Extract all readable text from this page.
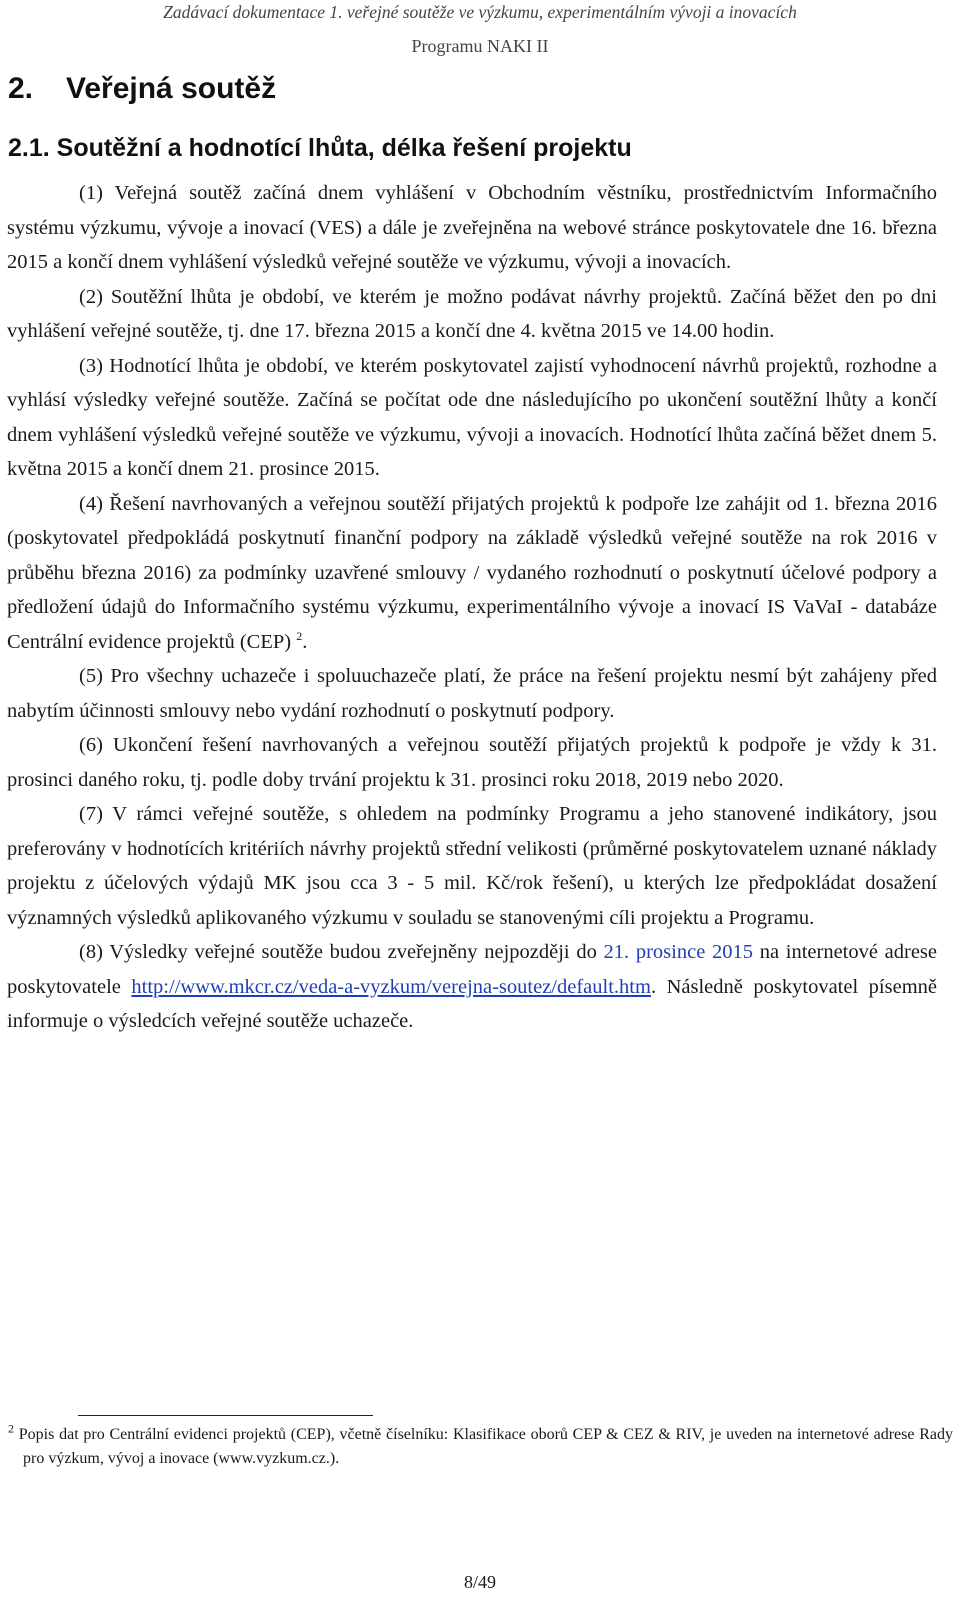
Zadávací dokumentace 1. veřejné soutěže ve výzkumu, experimentálním vývoji a inovacích
Programu NAKI II
2. Veřejná soutěž
2.1. Soutěžní a hodnotící lhůta, délka řešení projektu

(1) Veřejná soutěž začíná dnem vyhlášení v Obchodním věstníku, prostřednictvím Informačního systému výzkumu, vývoje a inovací (VES) a dále je zveřejněna na webové stránce poskytovatele dne 16. března 2015 a končí dnem vyhlášení výsledků veřejné soutěže ve výzkumu, vývoji a inovacích.

(2) Soutěžní lhůta je období, ve kterém je možno podávat návrhy projektů. Začíná běžet den po dni vyhlášení veřejné soutěže, tj. dne 17. března 2015 a končí dne 4. května 2015 ve 14.00 hodin.

(3) Hodnotící lhůta je období, ve kterém poskytovatel zajistí vyhodnocení návrhů projektů, rozhodne a vyhlásí výsledky veřejné soutěže. Začíná se počítat ode dne následujícího po ukončení soutěžní lhůty a končí dnem vyhlášení výsledků veřejné soutěže ve výzkumu, vývoji a inovacích. Hodnotící lhůta začíná běžet dnem 5. května 2015 a končí dnem 21. prosince 2015.

(4) Řešení navrhovaných a veřejnou soutěží přijatých projektů k podpoře lze zahájit od 1. března 2016 (poskytovatel předpokládá poskytnutí finanční podpory na základě výsledků veřejné soutěže na rok 2016 v průběhu března 2016) za podmínky uzavřené smlouvy / vydaného rozhodnutí o poskytnutí účelové podpory a předložení údajů do Informačního systému výzkumu, experimentálního vývoje a inovací IS VaVaI - databáze Centrální evidence projektů (CEP) $^2$.

(5) Pro všechny uchazeče i spoluuchazeče platí, že práce na řešení projektu nesmí být zahájeny před nabytím účinnosti smlouvy nebo vydání rozhodnutí o poskytnutí podpory.

(6) Ukončení řešení navrhovaných a veřejnou soutěží přijatých projektů k podpoře je vždy k 31. prosinci daného roku, tj. podle doby trvání projektu k 31. prosinci roku 2018, 2019 nebo 2020.

(7) V rámci veřejné soutěže, s ohledem na podmínky Programu a jeho stanovené indikátory, jsou preferovány v hodnotících kritériích návrhy projektů střední velikosti (průměrné poskytovatelem uznané náklady projektu z účelových výdajů MK jsou cca 3 - 5 mil. Kč/rok řešení), u kterých lze předpokládat dosažení významných výsledků aplikovaného výzkumu v souladu se stanovenými cíli projektu a Programu.

(8) Výsledky veřejné soutěže budou zveřejněny nejpozději do 21. prosince 2015 na internetové adrese poskytovatele http://www.mkcr.cz/veda-a-vyzkum/verejna-soutez/default.htm. Následně poskytovatel písemně informuje o výsledcích veřejné soutěže uchazeče.

$^2$ Popis dat pro Centrální evidenci projektů (CEP), včetně číselníku: Klasifikace oborů CEP & CEZ & RIV, je uveden na internetové adrese Rady pro výzkum, vývoj a inovace (www.vyzkum.cz.).
8/49
